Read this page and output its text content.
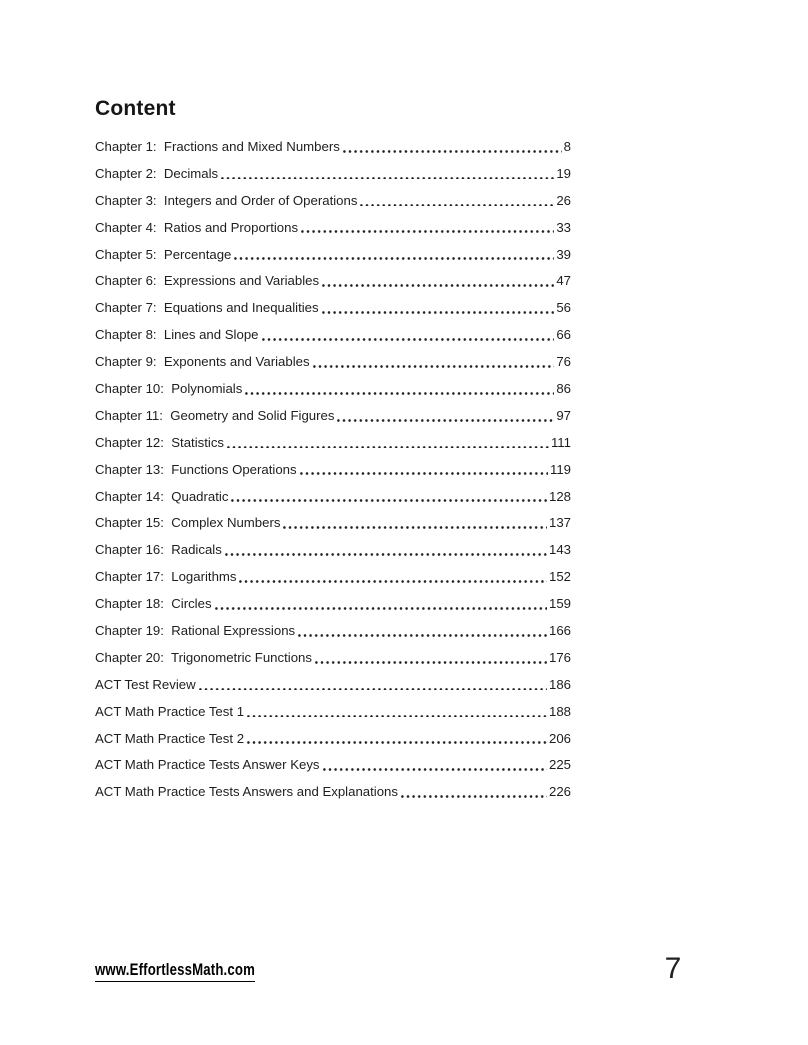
Content
Chapter 1:  Fractions and Mixed Numbers	8
Chapter 2:  Decimals	19
Chapter 3:  Integers and Order of Operations	26
Chapter 4:  Ratios and Proportions	33
Chapter 5:  Percentage	39
Chapter 6:  Expressions and Variables	47
Chapter 7:  Equations and Inequalities	56
Chapter 8:  Lines and Slope	66
Chapter 9:  Exponents and Variables	76
Chapter 10:  Polynomials	86
Chapter 11:  Geometry and Solid Figures	97
Chapter 12:  Statistics	111
Chapter 13:  Functions Operations	119
Chapter 14:  Quadratic	128
Chapter 15:  Complex Numbers	137
Chapter 16:  Radicals	143
Chapter 17:  Logarithms	152
Chapter 18:  Circles	159
Chapter 19:  Rational Expressions	166
Chapter 20:  Trigonometric Functions	176
ACT Test Review	186
ACT Math Practice Test 1	188
ACT Math Practice Test 2	206
ACT Math Practice Tests Answer Keys	225
ACT Math Practice Tests Answers and Explanations	226
www.EffortlessMath.com	7
